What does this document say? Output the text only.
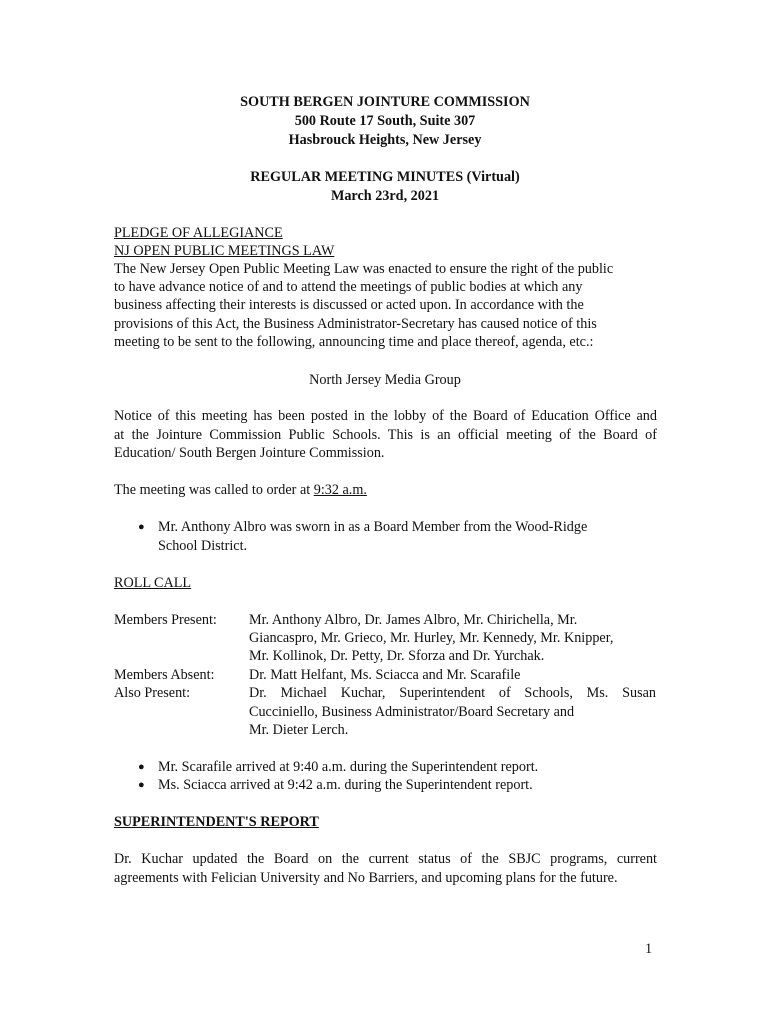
SOUTH BERGEN JOINTURE COMMISSION

500 Route 17 South, Suite 307

Hasbrouck Heights, New Jersey

REGULAR MEETING MINUTES (Virtual)

March 23rd, 2021

PLEDGE OF ALLEGIANCE

NJ OPEN PUBLIC MEETINGS LAW

The New Jersey Open Public Meeting Law was enacted to ensure the right of the public

to have advance notice of and to attend the meetings of public bodies at which any

business affecting their interests is discussed or acted upon. In accordance with the

provisions of this Act, the Business Administrator-Secretary has caused notice of this

meeting to be sent to the following, announcing time and place thereof, agenda, etc.:

North Jersey Media Group

Notice of this meeting has been posted in the lobby of the Board of Education Office and

at the Jointure Commission Public Schools. This is an official meeting of the Board of

Education/ South Bergen Jointure Commission.

The meeting was called to order at 9:32 a.m.

● Mr. Anthony Albro was sworn in as a Board Member from the Wood-Ridge

School District.

ROLL CALL

Members Present: Mr. Anthony Albro, Dr. James Albro, Mr. Chirichella, Mr.

Giancaspro, Mr. Grieco, Mr. Hurley, Mr. Kennedy, Mr. Knipper,

Mr. Kollinok, Dr. Petty, Dr. Sforza and Dr. Yurchak.

Members Absent: Dr. Matt Helfant, Ms. Sciacca and Mr. Scarafile

Also Present:	Dr. Michael Kuchar, Superintendent of Schools, Ms. Susan

Cucciniello, Business Administrator/Board Secretary and

Mr. Dieter Lerch.

● Mr. Scarafile arrived at 9:40 a.m. during the Superintendent report.

● Ms. Sciacca arrived at 9:42 a.m. during the Superintendent report.

SUPERINTENDENT'S REPORT

Dr. Kuchar updated the Board on the current status of the SBJC programs, current

agreements with Felician University and No Barriers, and upcoming plans for the future.

1
